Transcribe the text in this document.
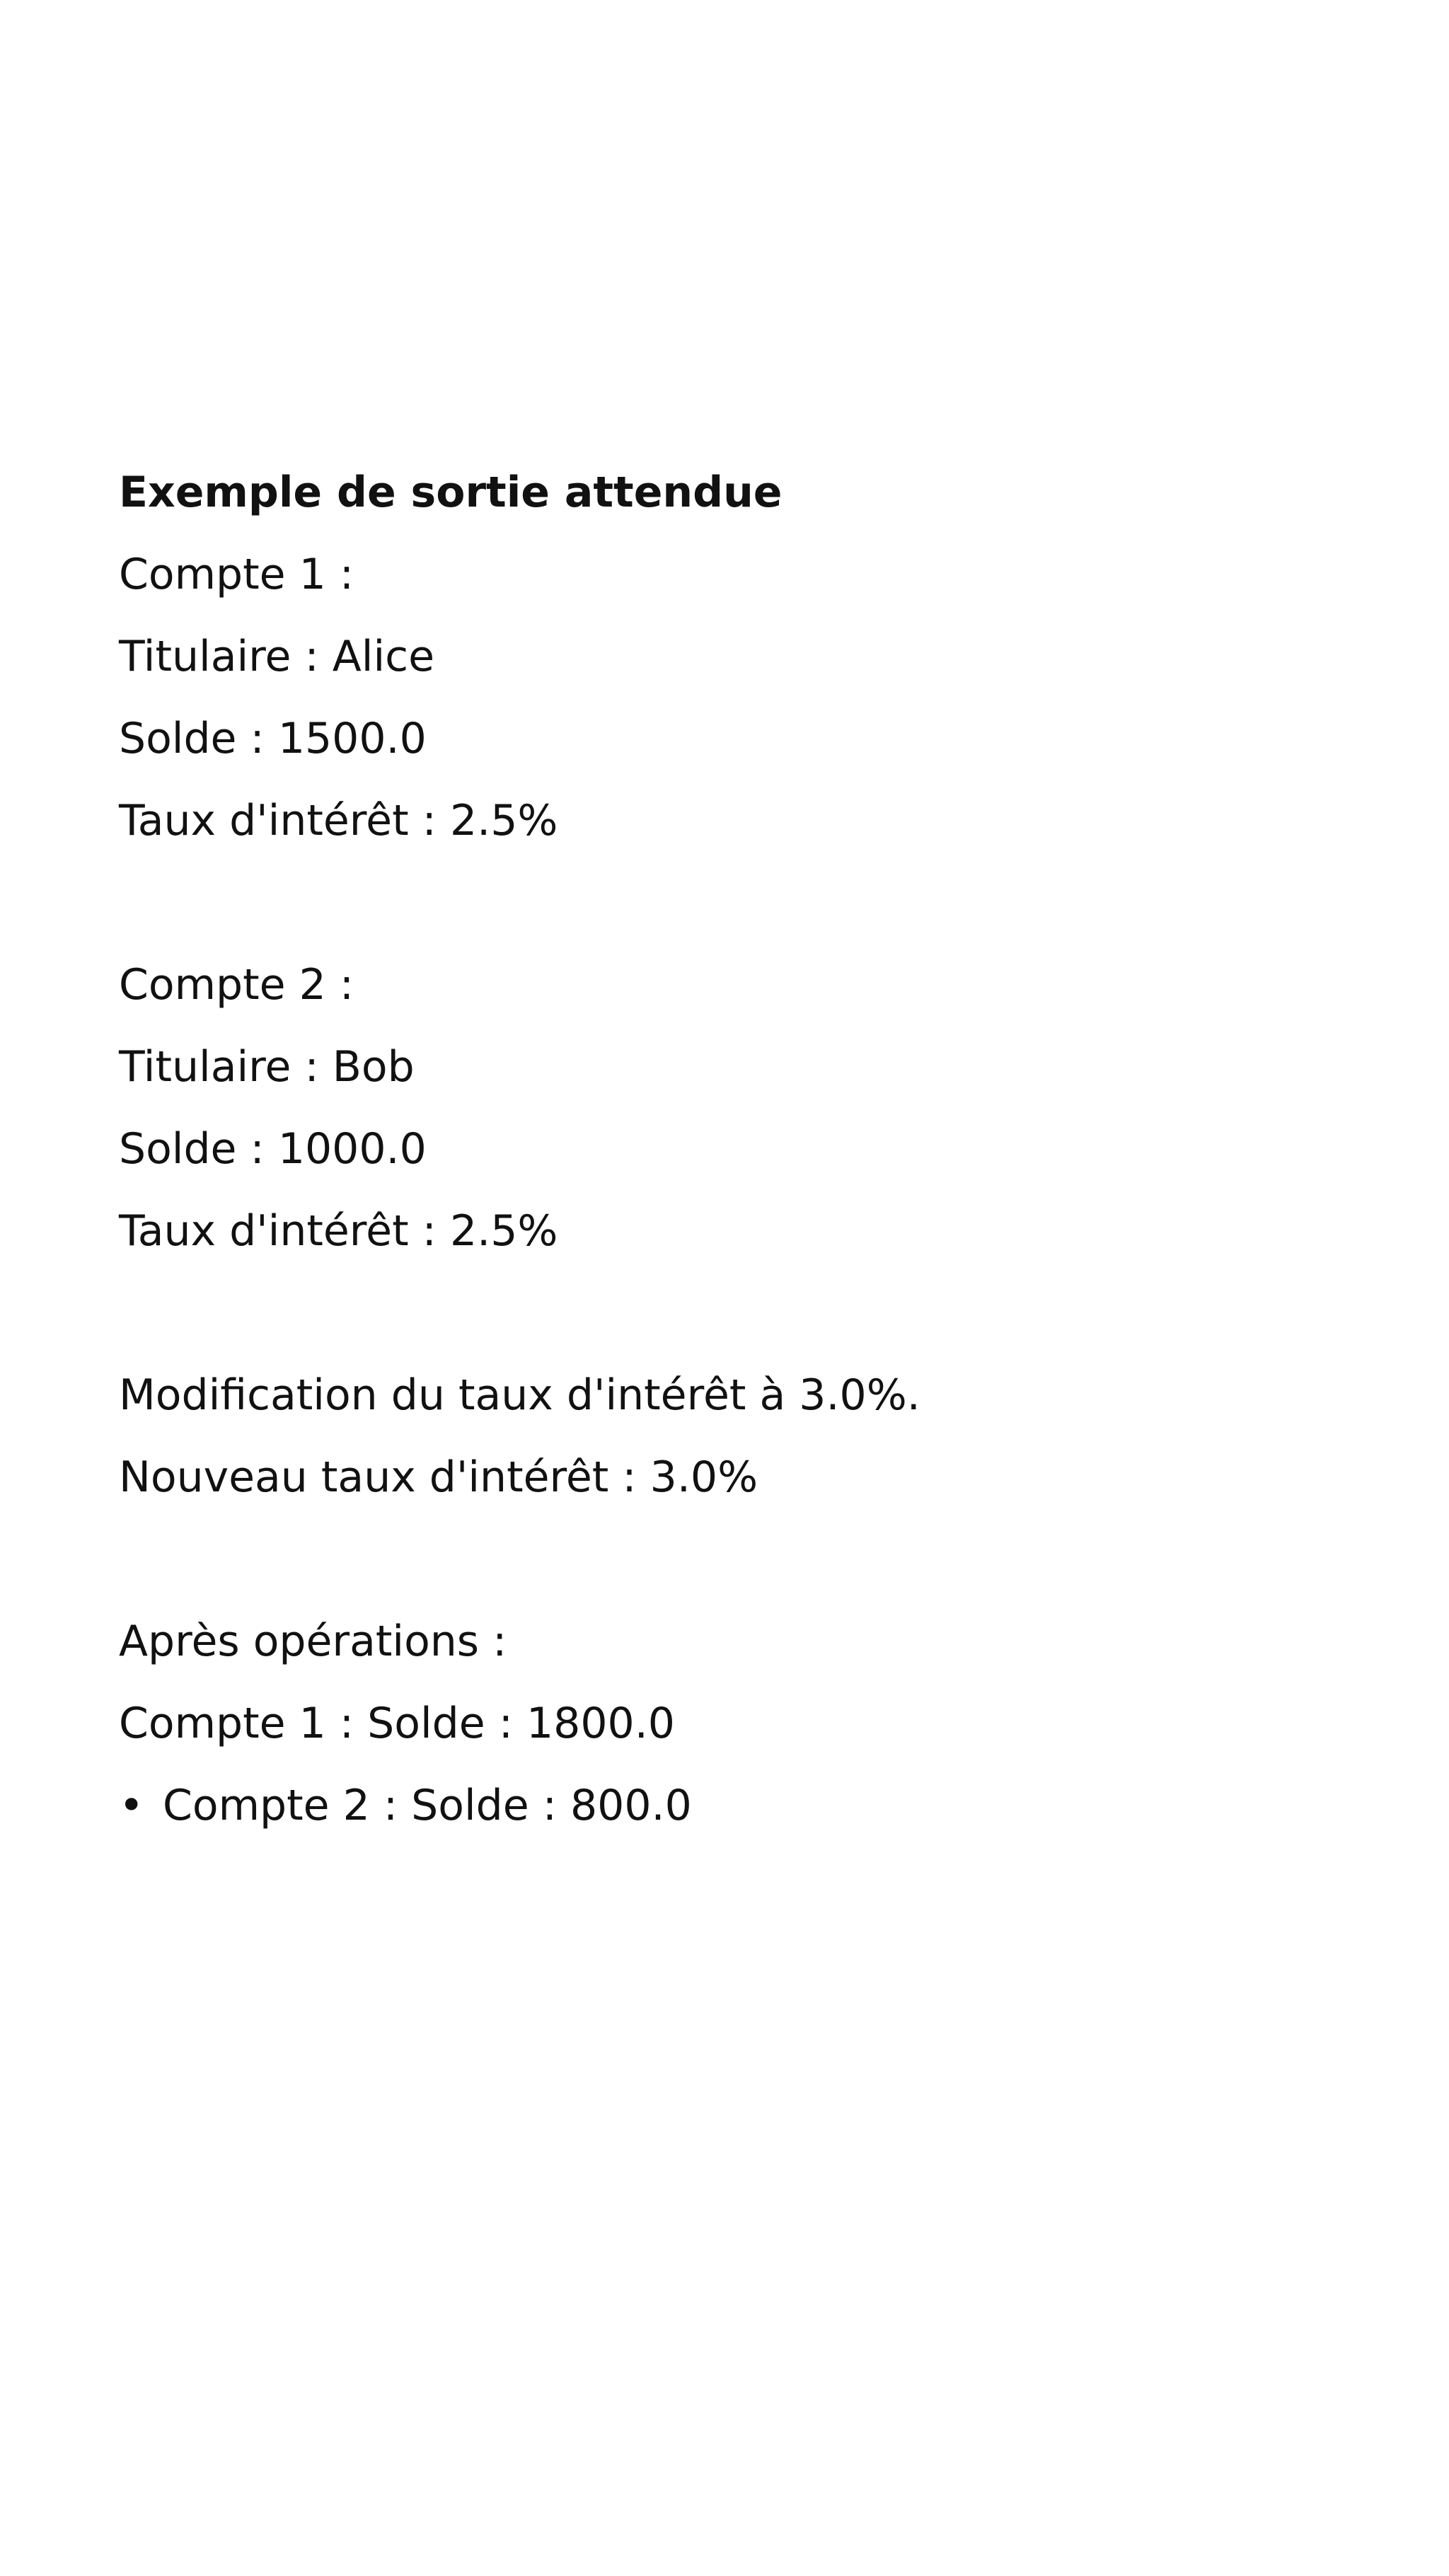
Exemple de sortie attendue
Compte 1 :
Titulaire : Alice
Solde : 1500.0
Taux d'intérêt : 2.5%
Compte 2 :
Titulaire : Bob
Solde : 1000.0
Taux d'intérêt : 2.5%
Modification du taux d'intérêt à 3.0%.
Nouveau taux d'intérêt : 3.0%
Après opérations :
Compte 1 : Solde : 1800.0
• Compte 2 : Solde : 800.0
